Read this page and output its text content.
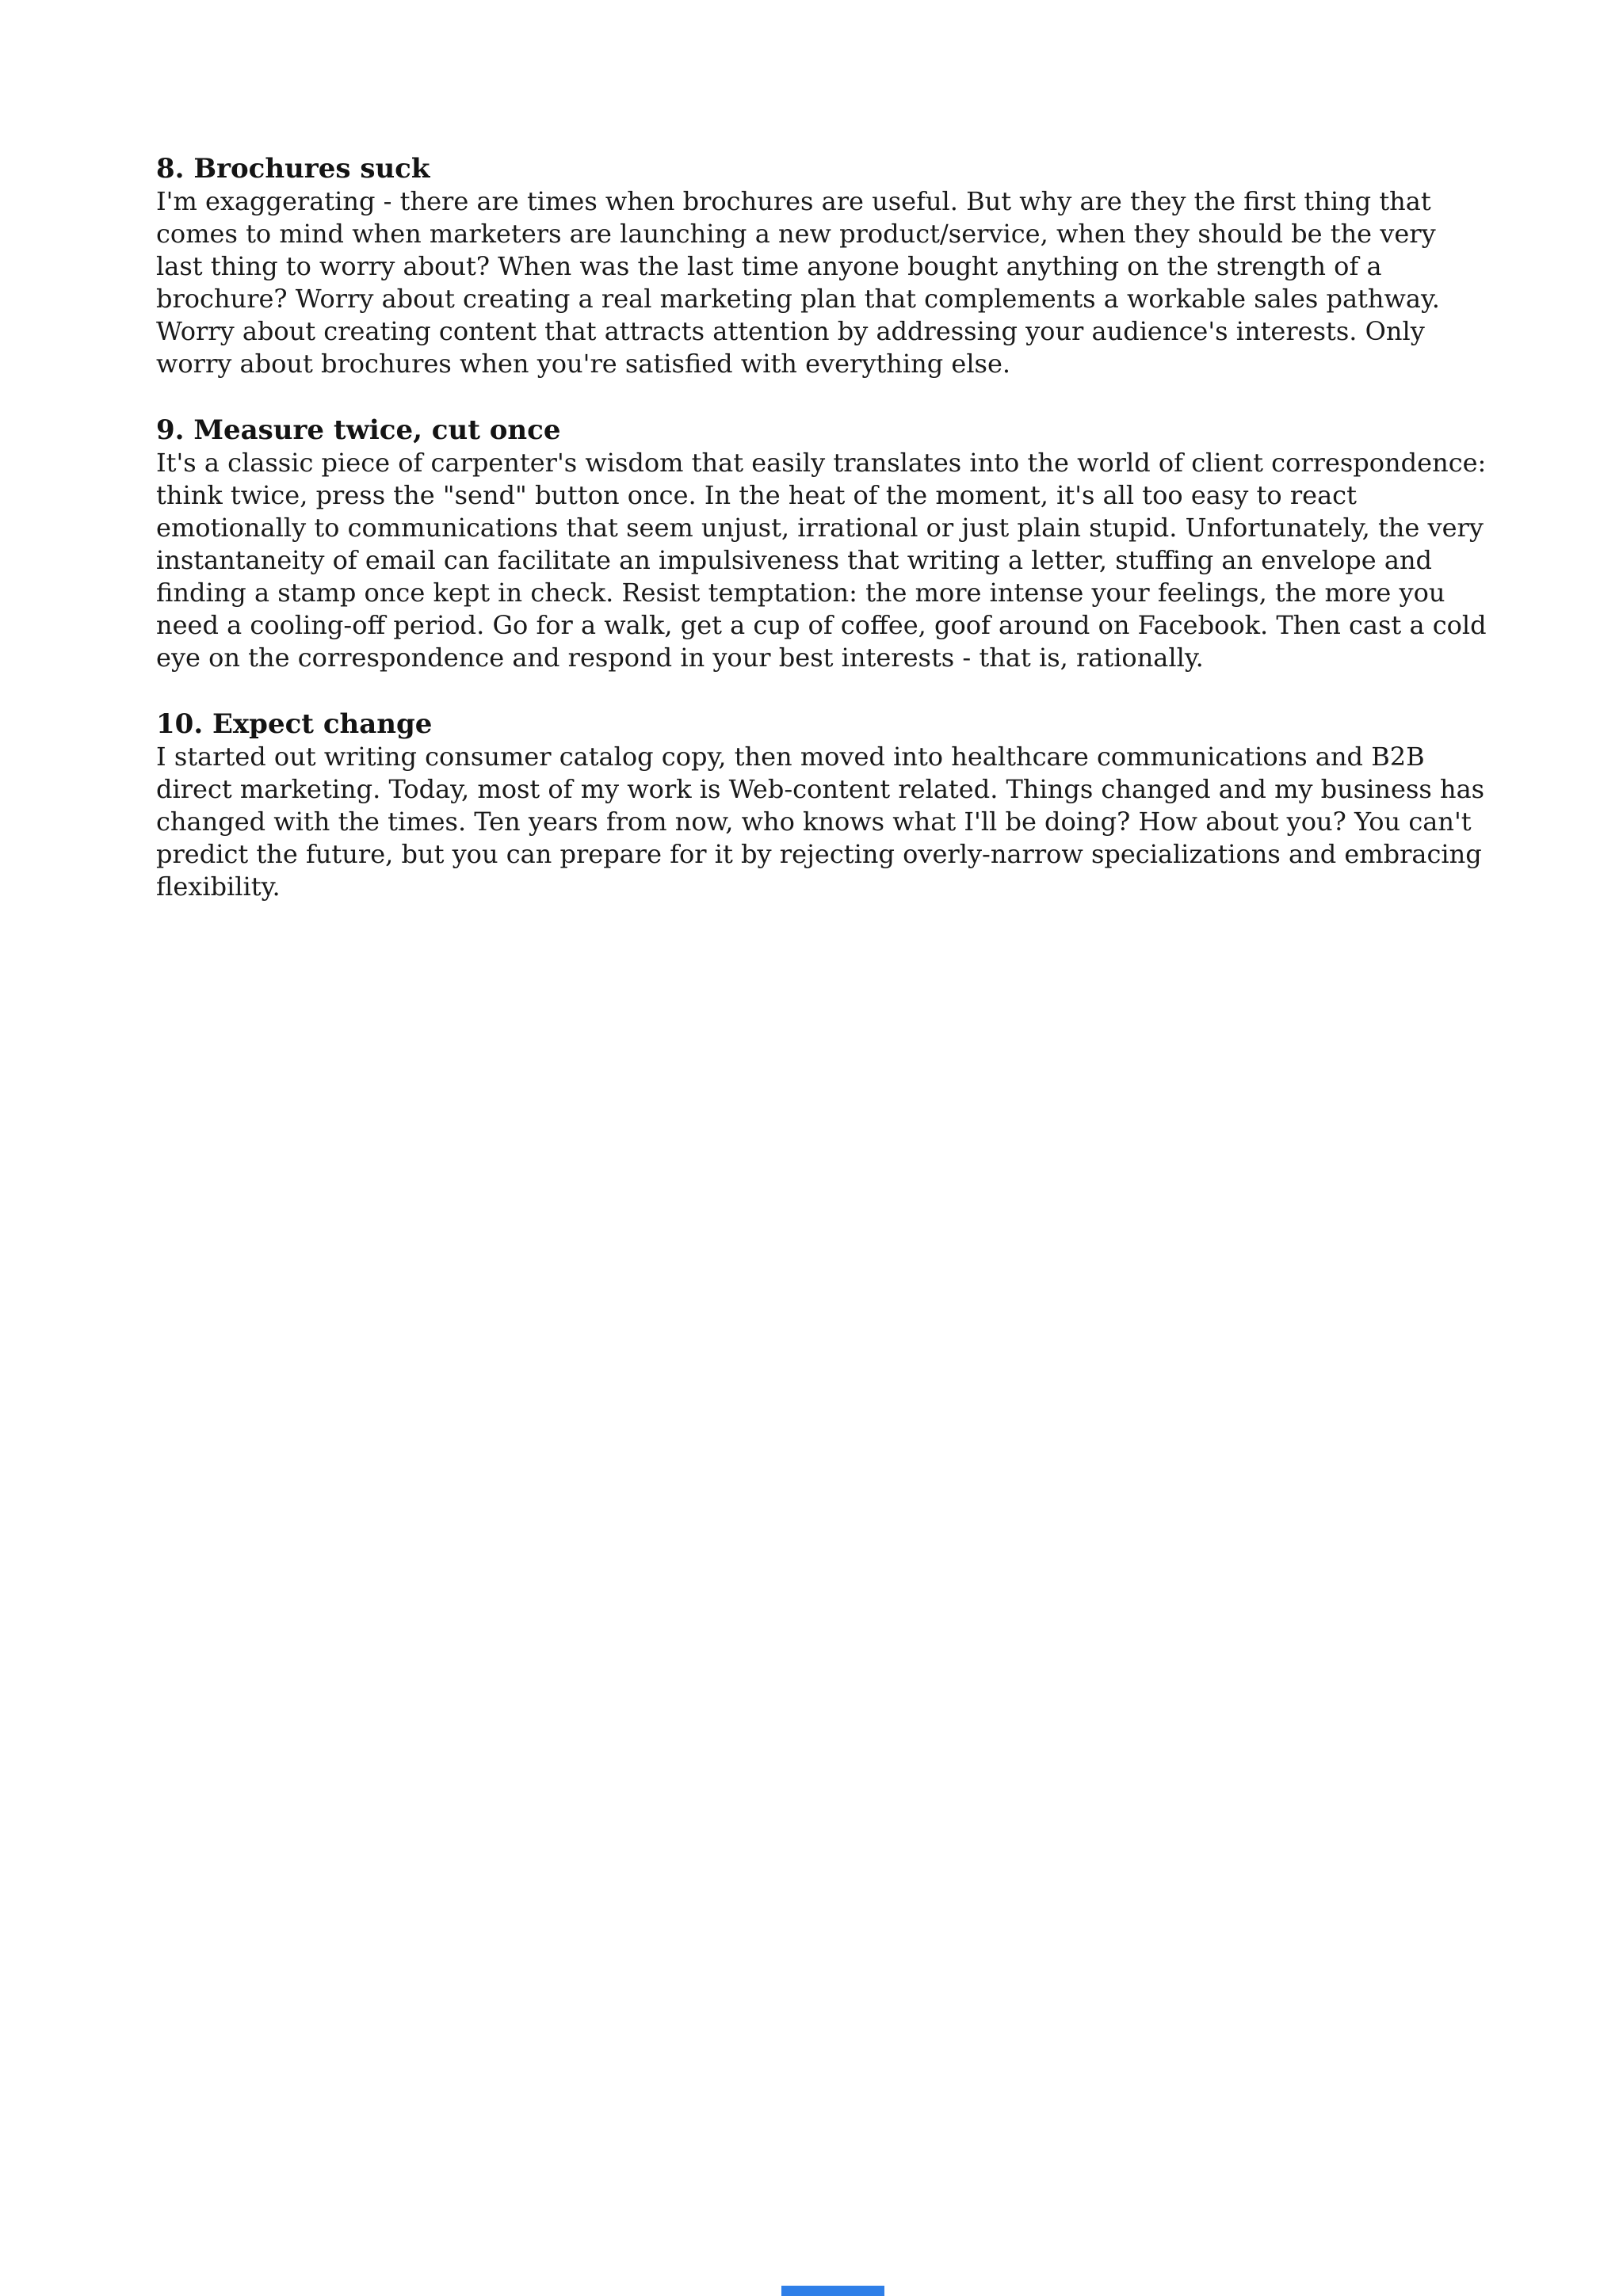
8. Brochures suck

I'm exaggerating - there are times when brochures are useful. But why are they the first thing that comes to mind when marketers are launching a new product/service, when they should be the very last thing to worry about? When was the last time anyone bought anything on the strength of a brochure? Worry about creating a real marketing plan that complements a workable sales pathway. Worry about creating content that attracts attention by addressing your audience's interests. Only worry about brochures when you're satisfied with everything else.

9. Measure twice, cut once

It's a classic piece of carpenter's wisdom that easily translates into the world of client correspondence: think twice, press the "send" button once. In the heat of the moment, it's all too easy to react emotionally to communications that seem unjust, irrational or just plain stupid. Unfortunately, the very instantaneity of email can facilitate an impulsiveness that writing a letter, stuffing an envelope and finding a stamp once kept in check. Resist temptation: the more intense your feelings, the more you need a cooling-off period. Go for a walk, get a cup of coffee, goof around on Facebook. Then cast a cold eye on the correspondence and respond in your best interests - that is, rationally.

10. Expect change

I started out writing consumer catalog copy, then moved into healthcare communications and B2B direct marketing. Today, most of my work is Web-content related. Things changed and my business has changed with the times. Ten years from now, who knows what I'll be doing? How about you? You can't predict the future, but you can prepare for it by rejecting overly-narrow specializations and embracing flexibility.
